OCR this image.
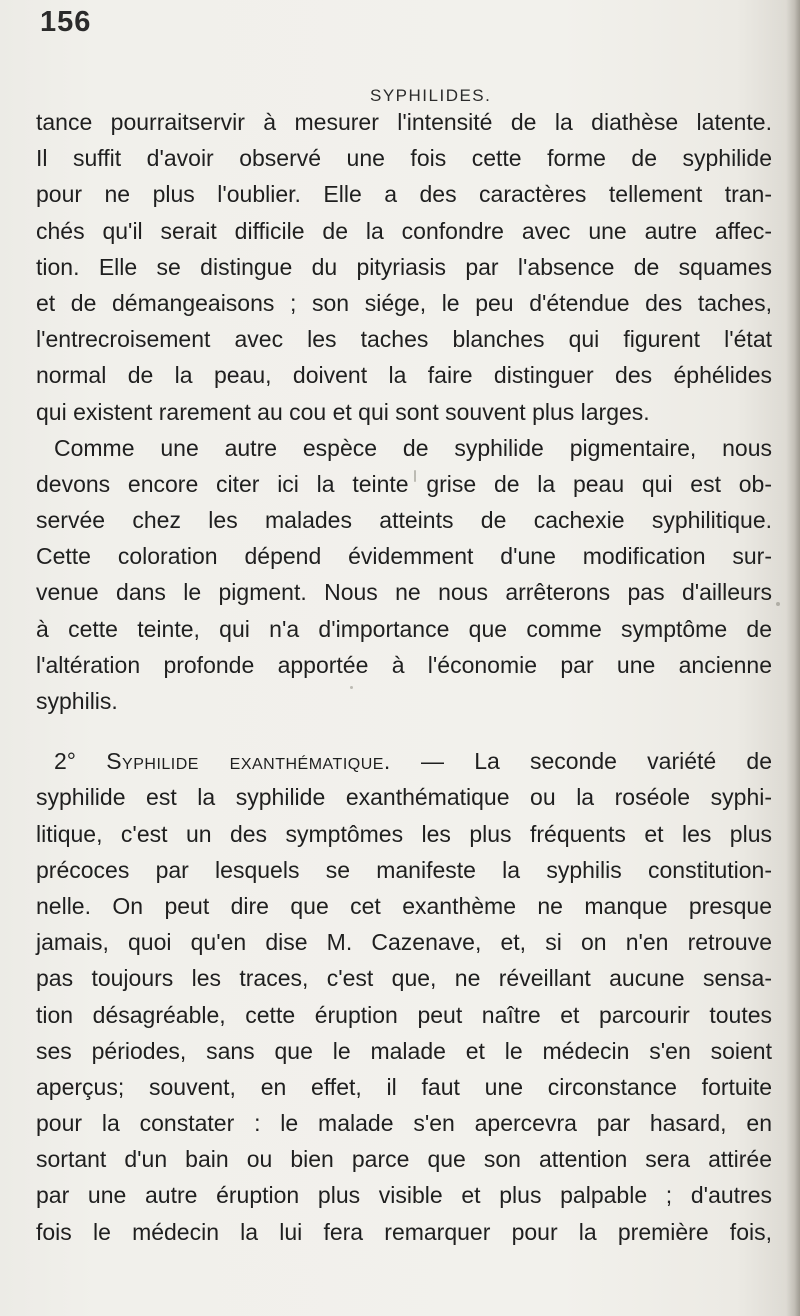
156
SYPHILIDES.
tance pourraitservir à mesurer l'intensité de la diathèse latente.
Il suffit d'avoir observé une fois cette forme de syphilide
pour ne plus l'oublier. Elle a des caractères tellement tran-
chés qu'il serait difficile de la confondre avec une autre affec-
tion. Elle se distingue du pityriasis par l'absence de squames
et de démangeaisons ; son siége, le peu d'étendue des taches,
l'entrecroisement avec les taches blanches qui figurent l'état
normal de la peau, doivent la faire distinguer des éphélides
qui existent rarement au cou et qui sont souvent plus larges.
Comme une autre espèce de syphilide pigmentaire, nous
devons encore citer ici la teinte grise de la peau qui est ob-
servée chez les malades atteints de cachexie syphilitique.
Cette coloration dépend évidemment d'une modification sur-
venue dans le pigment. Nous ne nous arrêterons pas d'ailleurs
à cette teinte, qui n'a d'importance que comme symptôme de
l'altération profonde apportée à l'économie par une ancienne
syphilis.
2° Syphilide exanthématique. — La seconde variété de
syphilide est la syphilide exanthématique ou la roséole syphi-
litique, c'est un des symptômes les plus fréquents et les plus
précoces par lesquels se manifeste la syphilis constitution-
nelle. On peut dire que cet exanthème ne manque presque
jamais, quoi qu'en dise M. Cazenave, et, si on n'en retrouve
pas toujours les traces, c'est que, ne réveillant aucune sensa-
tion désagréable, cette éruption peut naître et parcourir toutes
ses périodes, sans que le malade et le médecin s'en soient
aperçus; souvent, en effet, il faut une circonstance fortuite
pour la constater : le malade s'en apercevra par hasard, en
sortant d'un bain ou bien parce que son attention sera attirée
par une autre éruption plus visible et plus palpable ; d'autres
fois le médecin la lui fera remarquer pour la première fois,
